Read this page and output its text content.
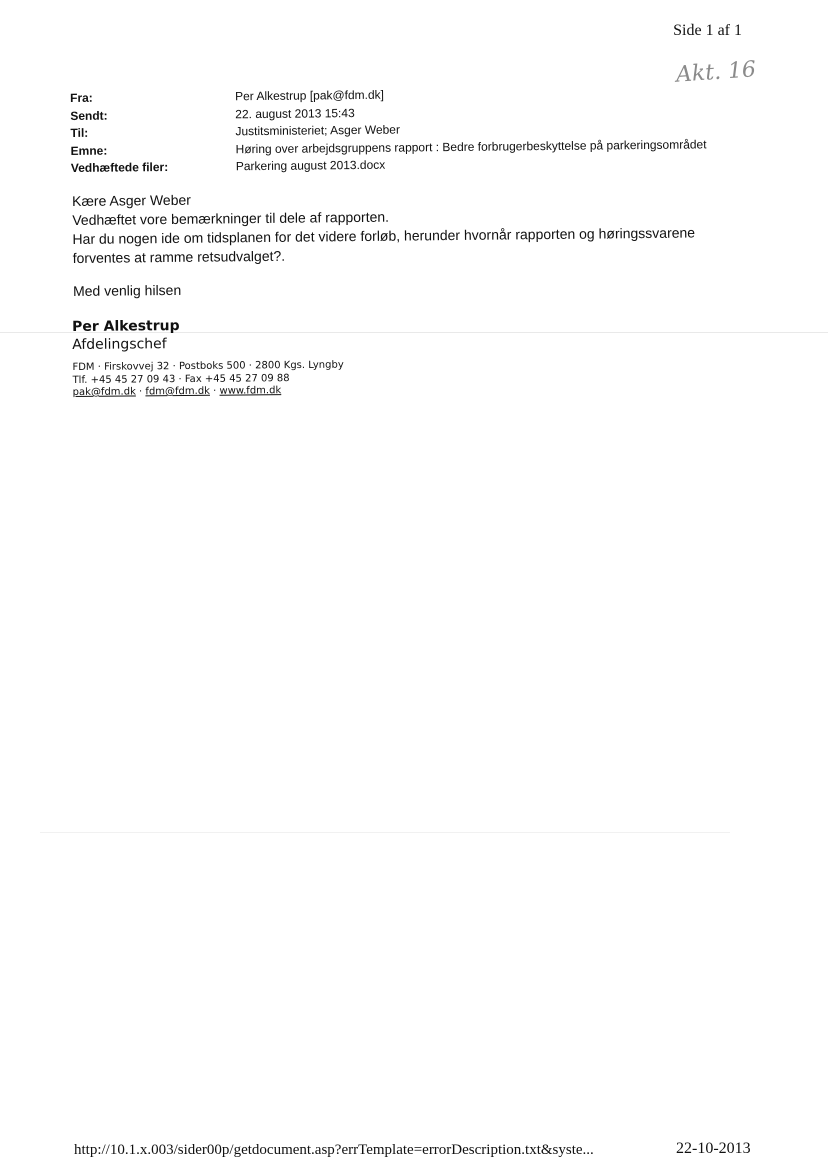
Side 1 af 1
Akt. 16
Fra:	Per Alkestrup [pak@fdm.dk]
Sendt:	22. august 2013 15:43
Til:	Justitsministeriet; Asger Weber
Emne:	Høring over arbejdsgruppens rapport : Bedre forbrugerbeskyttelse på parkeringsområdet
Vedhæftede filer:	Parkering august 2013.docx

Kære Asger Weber

Vedhæftet vore bemærkninger til dele af rapporten.

Har du nogen ide om tidsplanen for det videre forløb, herunder hvornår rapporten og høringssvarene

forventes at ramme retsudvalget?.

Med venlig hilsen

Per Alkestrup
Afdelingschef
FDM · Firskovvej 32 · Postboks 500 · 2800 Kgs. Lyngby
Tlf. +45 45 27 09 43 · Fax +45 45 27 09 88
pak@fdm.dk · fdm@fdm.dk · www.fdm.dk
http://10.1.x.003/sider00p/getdocument.asp?errTemplate=errorDescription.txt&syste...	22-10-2013
